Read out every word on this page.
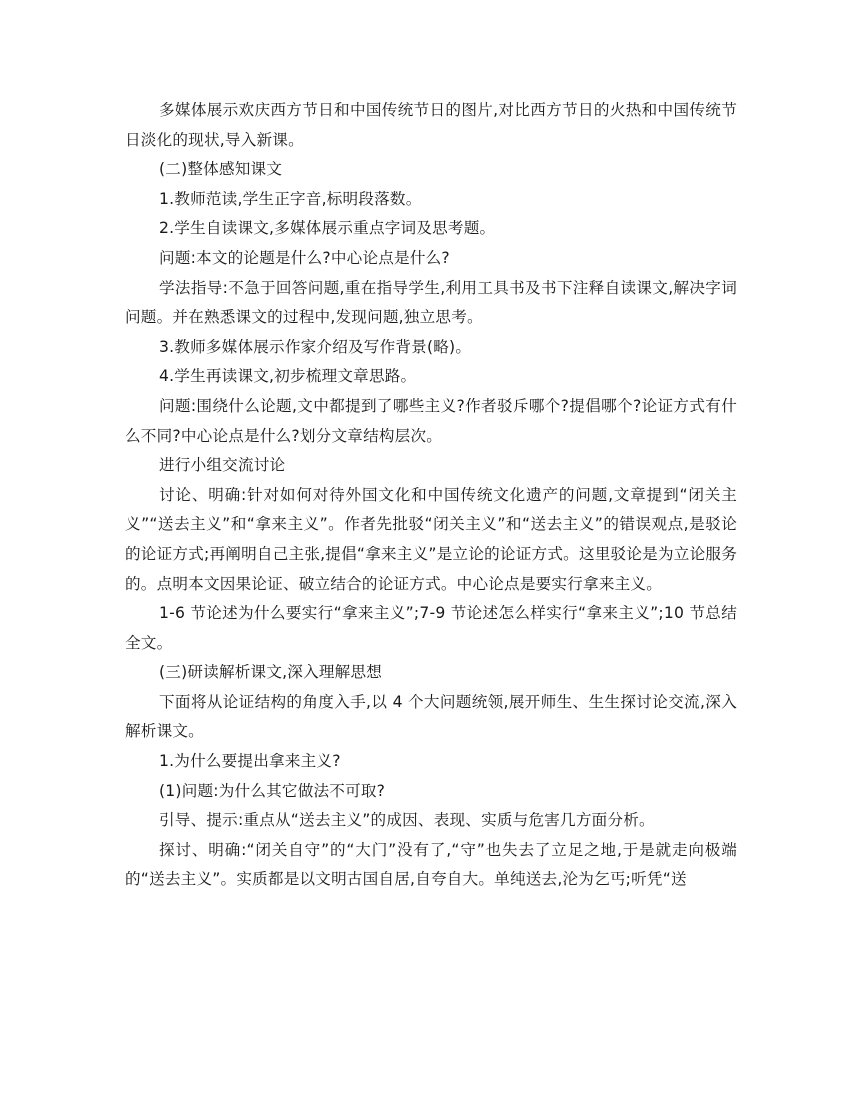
多媒体展示欢庆西方节日和中国传统节日的图片,对比西方节日的火热和中国传统节日淡化的现状,导入新课。

(二)整体感知课文

1.教师范读,学生正字音,标明段落数。

2.学生自读课文,多媒体展示重点字词及思考题。

问题:本文的论题是什么?中心论点是什么?

学法指导:不急于回答问题,重在指导学生,利用工具书及书下注释自读课文,解决字词问题。并在熟悉课文的过程中,发现问题,独立思考。

3.教师多媒体展示作家介绍及写作背景(略)。

4.学生再读课文,初步梳理文章思路。

问题:围绕什么论题,文中都提到了哪些主义?作者驳斥哪个?提倡哪个?论证方式有什么不同?中心论点是什么?划分文章结构层次。

进行小组交流讨论

讨论、明确:针对如何对待外国文化和中国传统文化遗产的问题,文章提到“闭关主义”“送去主义”和“拿来主义”。作者先批驳“闭关主义”和“送去主义”的错误观点,是驳论的论证方式;再阐明自己主张,提倡“拿来主义”是立论的论证方式。这里驳论是为立论服务的。点明本文因果论证、破立结合的论证方式。中心论点是要实行拿来主义。

1-6 节论述为什么要实行“拿来主义”;7-9 节论述怎么样实行“拿来主义”;10 节总结全文。

(三)研读解析课文,深入理解思想

下面将从论证结构的角度入手,以 4 个大问题统领,展开师生、生生探讨论交流,深入解析课文。

1.为什么要提出拿来主义?

(1)问题:为什么其它做法不可取?

引导、提示:重点从“送去主义”的成因、表现、实质与危害几方面分析。

探讨、明确:“闭关自守”的“大门”没有了,“守”也失去了立足之地,于是就走向极端的“送去主义”。实质都是以文明古国自居,自夸自大。单纯送去,沦为乞丐;听凭“送
